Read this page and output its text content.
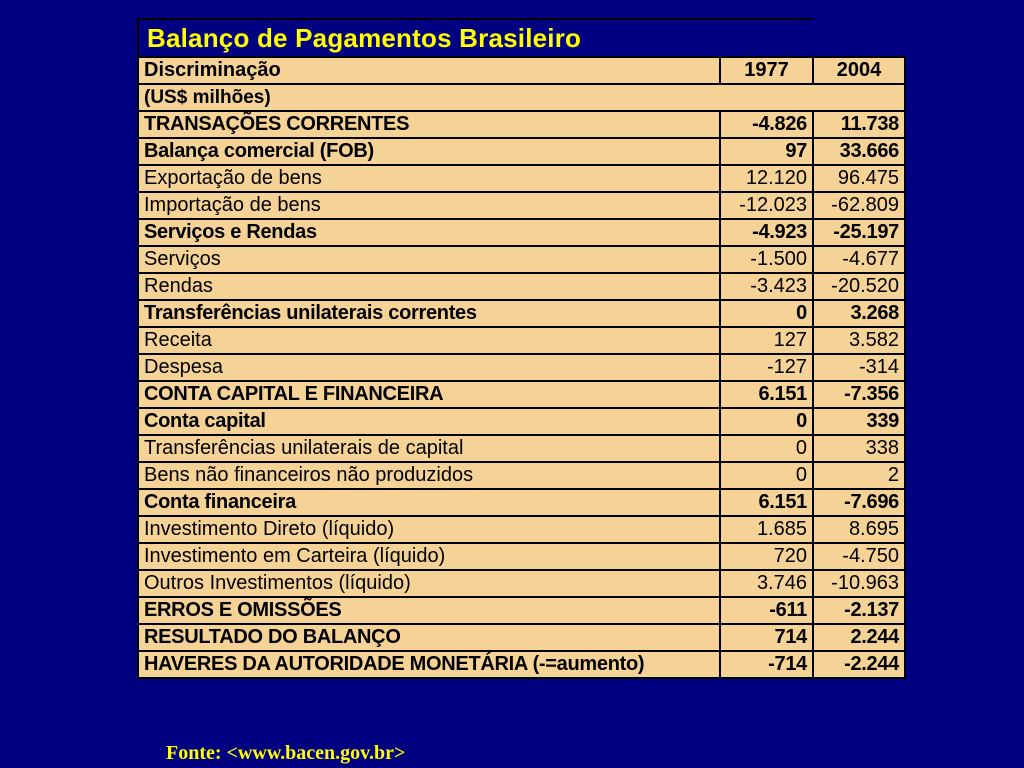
Balanço de Pagamentos Brasileiro
Discriminação	1977	2004
(US$ milhões)		
TRANSAÇÕES CORRENTES	-4.826	11.738
Balança comercial (FOB)	97	33.666
Exportação de bens	12.120	96.475
Importação de bens	-12.023	-62.809
Serviços e Rendas	-4.923	-25.197
Serviços	-1.500	-4.677
Rendas	-3.423	-20.520
Transferências unilaterais correntes	0	3.268
Receita	127	3.582
Despesa	-127	-314
CONTA CAPITAL E FINANCEIRA	6.151	-7.356
Conta capital	0	339
Transferências unilaterais de capital	0	338
Bens não financeiros não produzidos	0	2
Conta financeira	6.151	-7.696
Investimento Direto (líquido)	1.685	8.695
Investimento em Carteira (líquido)	720	-4.750
Outros Investimentos (líquido)	3.746	-10.963
ERROS E OMISSÕES	-611	-2.137
RESULTADO DO BALANÇO	714	2.244
HAVERES DA AUTORIDADE MONETÁRIA (-=aumento)	-714	-2.244
Fonte: <www.bacen.gov.br>
